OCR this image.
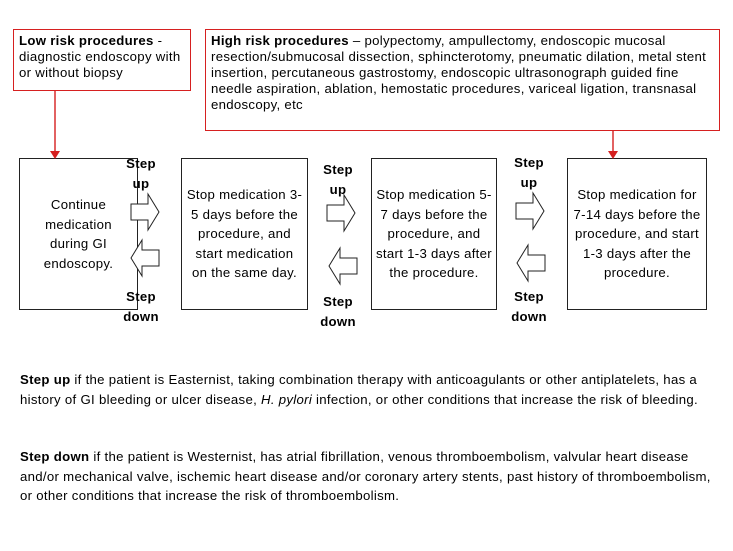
Low risk procedures - diagnostic endoscopy with or without biopsy
High risk procedures – polypectomy, ampullectomy, endoscopic mucosal resection/submucosal dissection, sphincterotomy, pneumatic dilation, metal stent insertion, percutaneous gastrostomy, endoscopic ultrasonograph guided fine needle aspiration, ablation, hemostatic procedures, variceal ligation, transnasal endoscopy, etc
Continue medication during GI endoscopy.
Stop medication 3-5 days before the procedure, and start medication on the same day.
Stop medication 5-7 days before the procedure, and start 1-3 days after the procedure.
Stop medication for 7-14 days before the procedure, and start 1-3 days after the procedure.
Step up
Step down
Step up
Step down
Step up
Step down
Step up if the patient is Easternist, taking combination therapy with anticoagulants or other antiplatelets, has a history of GI bleeding or ulcer disease, H. pylori infection, or other conditions that increase the risk of bleeding.
Step down if the patient is Westernist, has atrial fibrillation, venous thromboembolism, valvular heart disease and/or mechanical valve, ischemic heart disease and/or coronary artery stents, past history of thromboembolism, or other conditions that increase the risk of thromboembolism.
